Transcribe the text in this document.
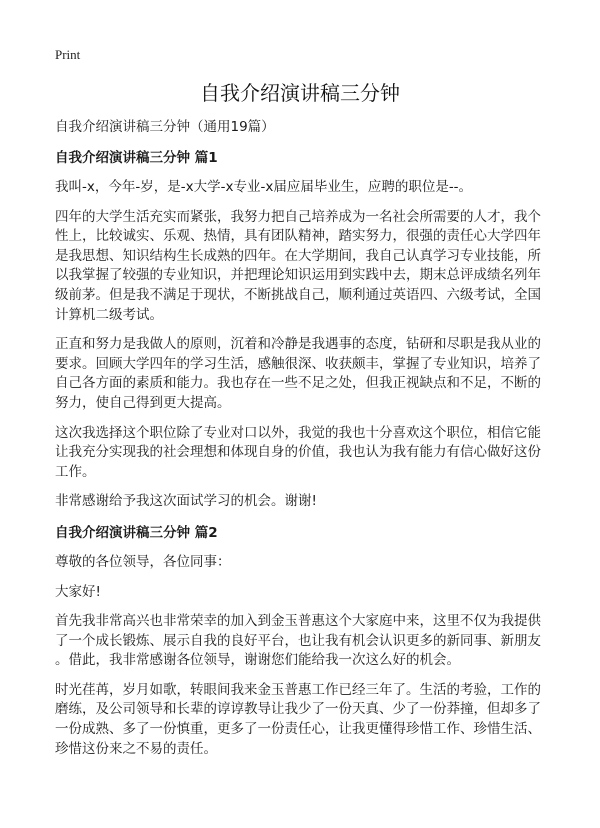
Print
自我介绍演讲稿三分钟
自我介绍演讲稿三分钟（通用19篇）
自我介绍演讲稿三分钟 篇1
我叫-x，今年-岁，是-x大学-x专业-x届应届毕业生，应聘的职位是--。
四年的大学生活充实而紧张，我努力把自己培养成为一名社会所需要的人才，我个
性上，比较诚实、乐观、热情，具有团队精神，踏实努力，很强的责任心大学四年
是我思想、知识结构生长成熟的四年。在大学期间，我自己认真学习专业技能，所
以我掌握了较强的专业知识，并把理论知识运用到实践中去，期末总评成绩名列年
级前茅。但是我不满足于现状，不断挑战自己，顺利通过英语四、六级考试，全国
计算机二级考试。
正直和努力是我做人的原则，沉着和冷静是我遇事的态度，钻研和尽职是我从业的
要求。回顾大学四年的学习生活，感触很深、收获颇丰，掌握了专业知识，培养了
自己各方面的素质和能力。我也存在一些不足之处，但我正视缺点和不足，不断的
努力，使自己得到更大提高。
这次我选择这个职位除了专业对口以外，我觉的我也十分喜欢这个职位，相信它能
让我充分实现我的社会理想和体现自身的价值，我也认为我有能力有信心做好这份
工作。
非常感谢给予我这次面试学习的机会。谢谢!
自我介绍演讲稿三分钟 篇2
尊敬的各位领导，各位同事：
大家好!
首先我非常高兴也非常荣幸的加入到金玉普惠这个大家庭中来，这里不仅为我提供
了一个成长锻炼、展示自我的良好平台，也让我有机会认识更多的新同事、新朋友
。借此，我非常感谢各位领导，谢谢您们能给我一次这么好的机会。
时光荏苒，岁月如歌，转眼间我来金玉普惠工作已经三年了。生活的考验，工作的
磨练，及公司领导和长辈的谆谆教导让我少了一份天真、少了一份莽撞，但却多了
一份成熟、多了一份慎重，更多了一份责任心，让我更懂得珍惜工作、珍惜生活、
珍惜这份来之不易的责任。
